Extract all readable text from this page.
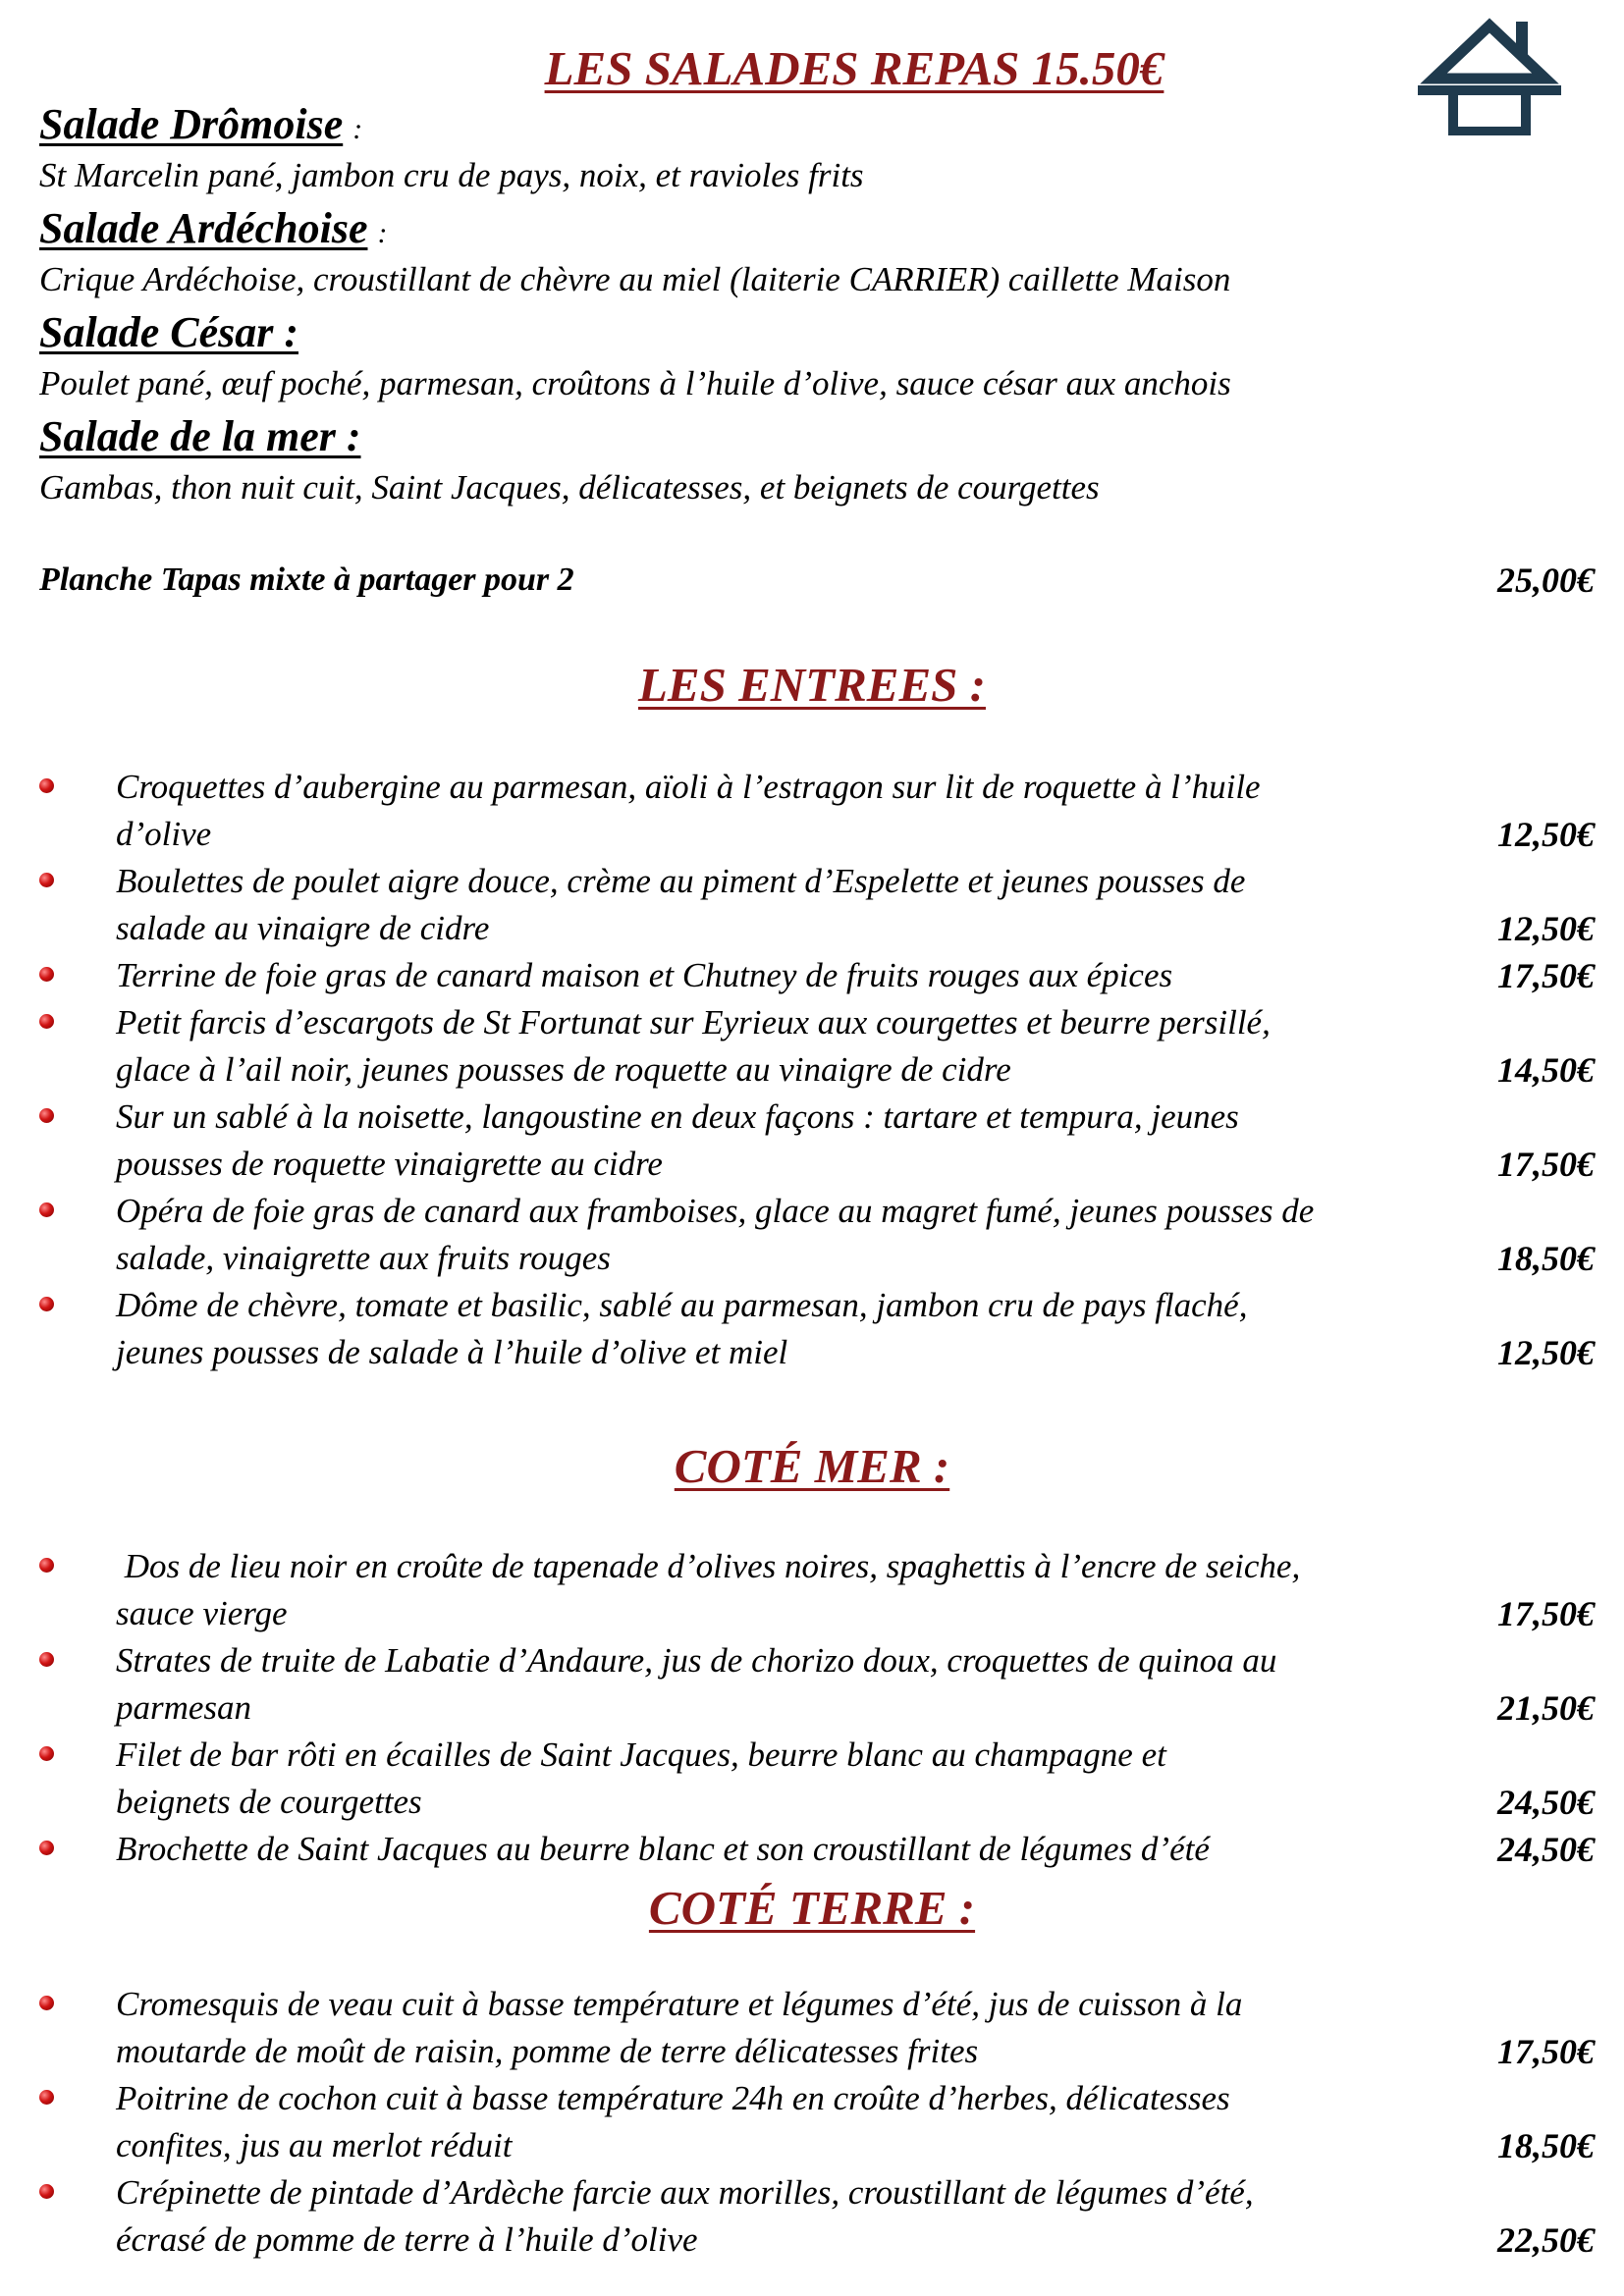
LES SALADES REPAS 15.50€
Salade Drômoise :
St Marcelin pané, jambon cru de pays, noix, et ravioles frits
Salade Ardéchoise :
Crique Ardéchoise, croustillant de chèvre au miel (laiterie CARRIER) caillette Maison
Salade César :
Poulet pané, œuf poché, parmesan, croûtons à l’huile d’olive, sauce césar aux anchois
Salade de la mer :
Gambas, thon nuit cuit, Saint Jacques, délicatesses, et beignets de courgettes
Planche Tapas mixte à partager pour 2	25,00€
LES ENTREES :
Croquettes d’aubergine au parmesan, aïoli à l’estragon sur lit de roquette à l’huile
d’olive	12,50€
Boulettes de poulet aigre douce, crème au piment d’Espelette et jeunes pousses de
salade au vinaigre de cidre	12,50€
Terrine de foie gras de canard maison et Chutney de fruits rouges aux épices	17,50€
Petit farcis d’escargots de St Fortunat sur Eyrieux aux courgettes et beurre persillé,
glace à l’ail noir, jeunes pousses de roquette au vinaigre de cidre	14,50€
Sur un sablé à la noisette, langoustine en deux façons : tartare et tempura, jeunes
pousses de roquette vinaigrette au cidre	17,50€
Opéra de foie gras de canard aux framboises, glace au magret fumé, jeunes pousses de
salade, vinaigrette aux fruits rouges	18,50€
Dôme de chèvre, tomate et basilic, sablé au parmesan, jambon cru de pays flaché,
jeunes pousses de salade à l’huile d’olive et miel	12,50€
COTÉ MER :
Dos de lieu noir en croûte de tapenade d’olives noires, spaghettis à l’encre de seiche,
sauce vierge	17,50€
Strates de truite de Labatie d’Andaure, jus de chorizo doux, croquettes de quinoa au
parmesan	21,50€
Filet de bar rôti en écailles de Saint Jacques, beurre blanc au champagne et
beignets de courgettes	24,50€
Brochette de Saint Jacques au beurre blanc et son croustillant de légumes d’été	24,50€
COTÉ TERRE :
Cromesquis de veau cuit à basse température et légumes d’été, jus de cuisson à la
moutarde de moût de raisin, pomme de terre délicatesses frites	17,50€
Poitrine de cochon cuit à basse température 24h en croûte d’herbes, délicatesses
confites, jus au merlot réduit	18,50€
Crépinette de pintade d’Ardèche farcie aux morilles, croustillant de légumes d’été,
écrasé de pomme de terre à l’huile d’olive	22,50€
